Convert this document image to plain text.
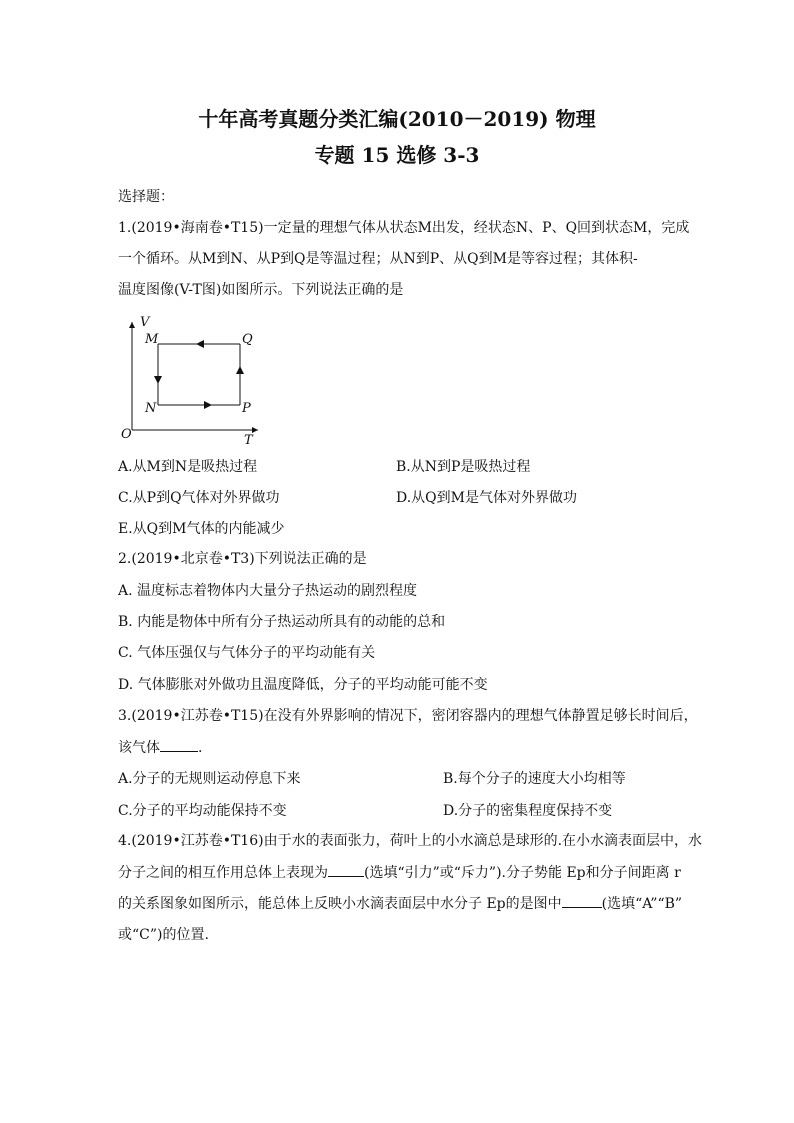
十年高考真题分类汇编(2010－2019) 物理
专题 15 选修 3-3
选择题：
1.(2019•海南卷•T15)一定量的理想气体从状态M出发，经状态N、P、Q回到状态M，完成
一个循环。从M到N、从P到Q是等温过程；从N到P、从Q到M是等容过程；其体积-
温度图像(V-T图)如图所示。下列说法正确的是
V
T
O
M	Q
N	P
A.从M到N是吸热过程	B.从N到P是吸热过程
C.从P到Q气体对外界做功	D.从Q到M是气体对外界做功
E.从Q到M气体的内能减少
2.(2019•北京卷•T3)下列说法正确的是
A. 温度标志着物体内大量分子热运动的剧烈程度
B. 内能是物体中所有分子热运动所具有的动能的总和
C. 气体压强仅与气体分子的平均动能有关
D. 气体膨胀对外做功且温度降低，分子的平均动能可能不变
3.(2019•江苏卷•T15)在没有外界影响的情况下，密闭容器内的理想气体静置足够长时间后，
该气体	.
A.分子的无规则运动停息下来	B.每个分子的速度大小均相等
C.分子的平均动能保持不变	D.分子的密集程度保持不变
4.(2019•江苏卷•T16)由于水的表面张力，荷叶上的小水滴总是球形的.在小水滴表面层中，水
分子之间的相互作用总体上表现为	(选填“引力”或“斥力”).分子势能 Ep和分子间距离 r
的关系图象如图所示，能总体上反映小水滴表面层中水分子 Ep的是图中	(选填“A”“B”
或“C”)的位置.
